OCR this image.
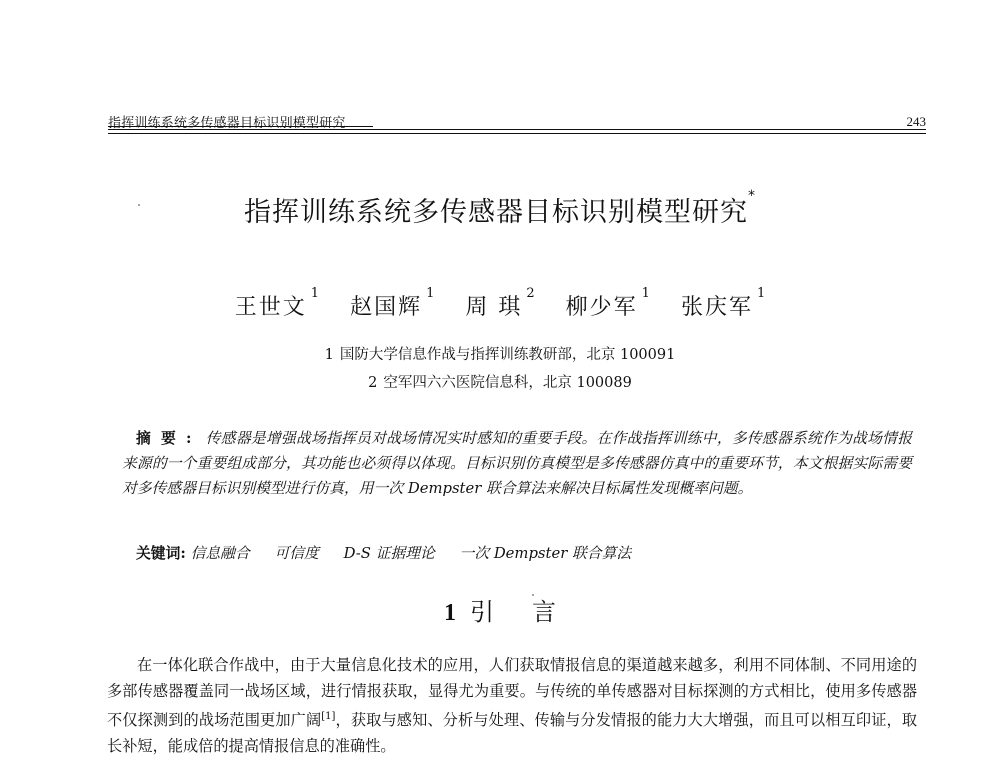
指挥训练系统多传感器目标识别模型研究	243
指挥训练系统多传感器目标识别模型研究*
王世文$^1$ 赵国辉$^1$ 周 琪$^2$ 柳少军$^1$ 张庆军$^1$
1 国防大学信息作战与指挥训练教研部，北京 100091
2 空军四六六医院信息科，北京 100089
摘要: 传感器是增强战场指挥员对战场情况实时感知的重要手段。在作战指挥训练中，多传感器系统作为战场情报来源的一个重要组成部分，其功能也必须得以体现。目标识别仿真模型是多传感器仿真中的重要环节，本文根据实际需要对多传感器目标识别模型进行仿真，用一次 Dempster 联合算法来解决目标属性发现概率问题。
关键词: 信息融合 可信度 D-S 证据理论 一次 Dempster 联合算法
1 引 言
在一体化联合作战中，由于大量信息化技术的应用，人们获取情报信息的渠道越来越多，利用不同体制、不同用途的多部传感器覆盖同一战场区域，进行情报获取，显得尤为重要。与传统的单传感器对目标探测的方式相比，使用多传感器不仅探测到的战场范围更加广阔[1]，获取与感知、分析与处理、传输与分发情报的能力大大增强，而且可以相互印证，取长补短，能成倍的提高情报信息的准确性。
